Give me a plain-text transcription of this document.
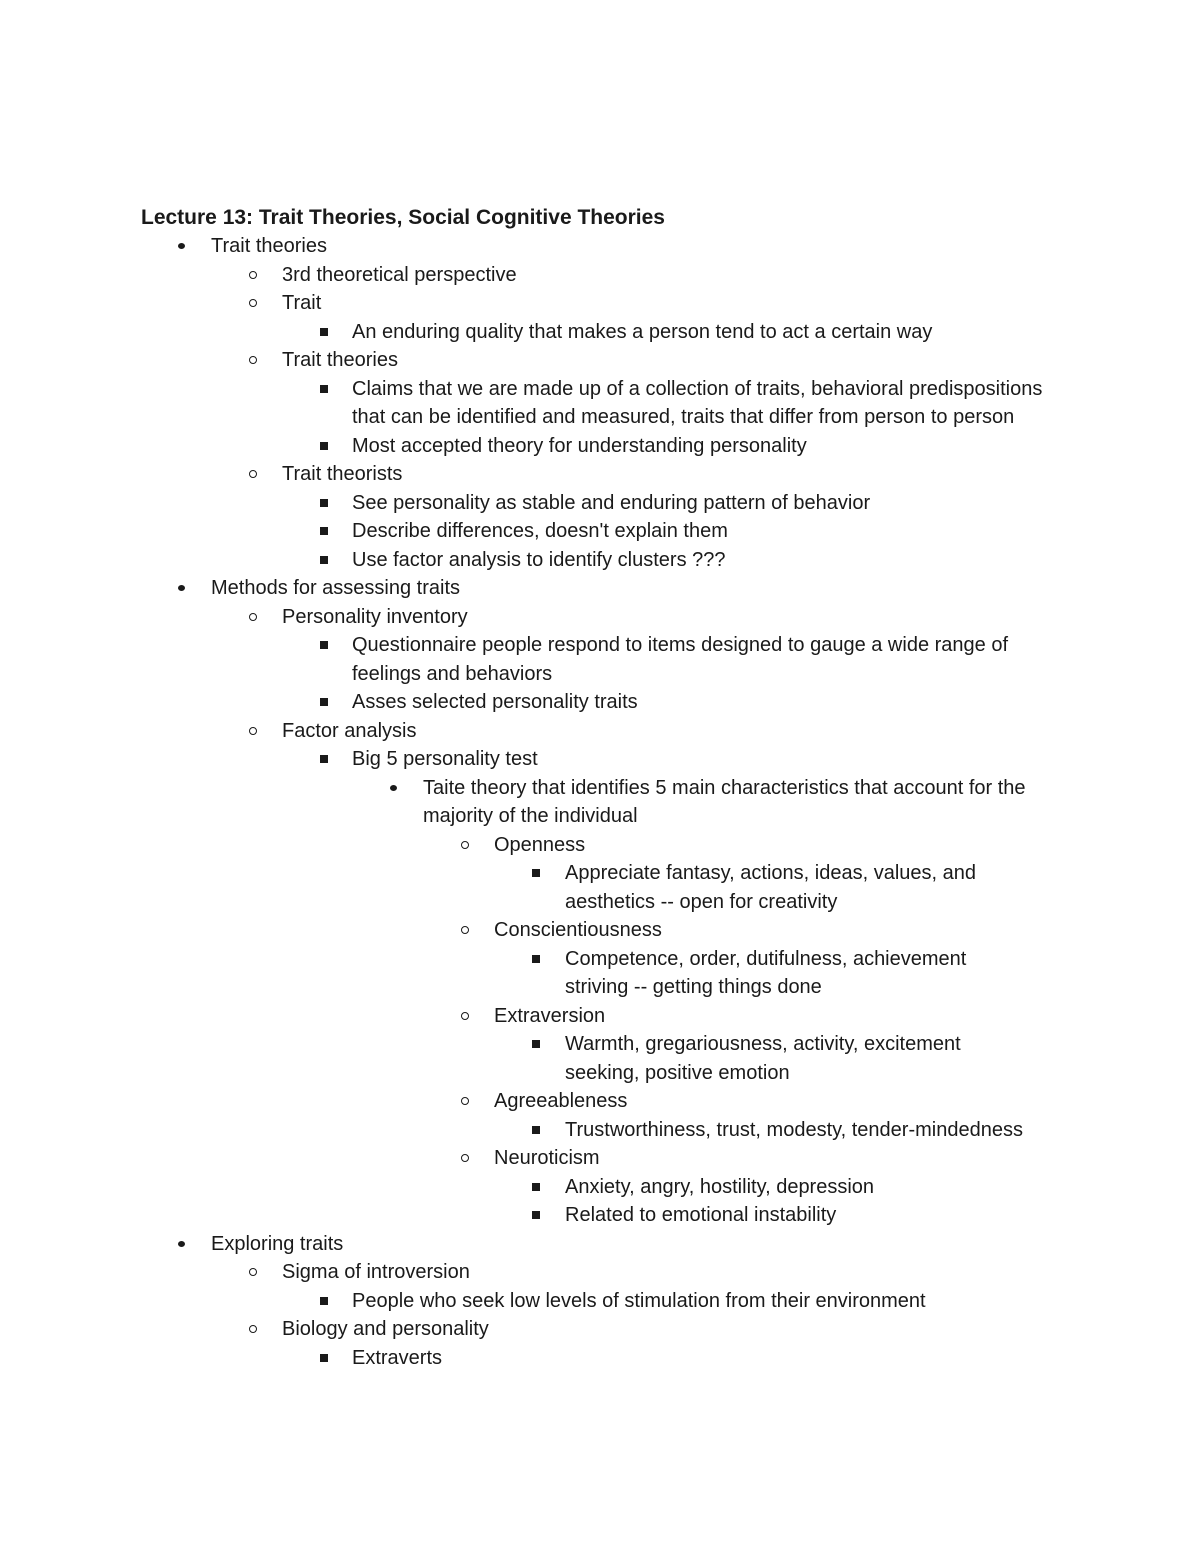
Lecture 13: Trait Theories, Social Cognitive Theories
Trait theories
3rd theoretical perspective
Trait
An enduring quality that makes a person tend to act a certain way
Trait theories
Claims that we are made up of a collection of traits, behavioral predispositions that can be identified and measured, traits that differ from person to person
Most accepted theory for understanding personality
Trait theorists
See personality as stable and enduring pattern of behavior
Describe differences, doesn't explain them
Use factor analysis to identify clusters ???
Methods for assessing traits
Personality inventory
Questionnaire people respond to items designed to gauge a wide range of feelings and behaviors
Asses selected personality traits
Factor analysis
Big 5 personality test
Taite theory that identifies 5 main characteristics that account for the majority of the individual
Openness
Appreciate fantasy, actions, ideas, values, and aesthetics -- open for creativity
Conscientiousness
Competence, order, dutifulness, achievement striving -- getting things done
Extraversion
Warmth, gregariousness, activity, excitement seeking, positive emotion
Agreeableness
Trustworthiness, trust, modesty, tender-mindedness
Neuroticism
Anxiety, angry, hostility, depression
Related to emotional instability
Exploring traits
Sigma of introversion
People who seek low levels of stimulation from their environment
Biology and personality
Extraverts
